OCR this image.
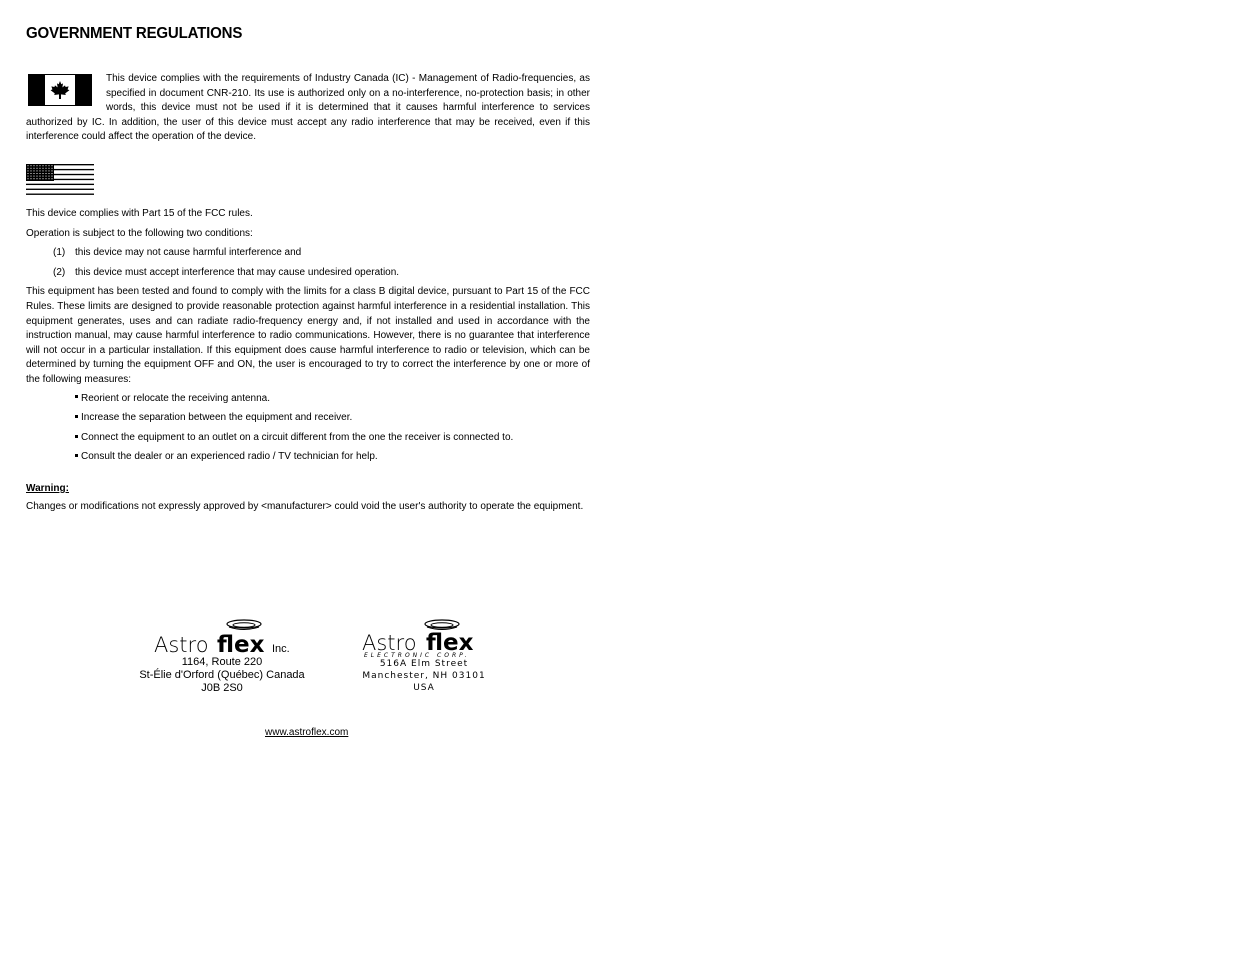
GOVERNMENT REGULATIONS

This device complies with the requirements of Industry Canada (IC) - Management of Radio-frequencies, as specified in document CNR-210. Its use is authorized only on a no-interference, no-protection basis; in other words, this device must not be used if it is determined that it causes harmful interference to services authorized by IC. In addition, the user of this device must accept any radio interference that may be received, even if this interference could affect the operation of the device.

This device complies with Part 15 of the FCC rules.

Operation is subject to the following two conditions:

(1) this device may not cause harmful interference and

(2) this device must accept interference that may cause undesired operation.

This equipment has been tested and found to comply with the limits for a class B digital device, pursuant to Part 15 of the FCC Rules. These limits are designed to provide reasonable protection against harmful interference in a residential installation. This equipment generates, uses and can radiate radio-frequency energy and, if not installed and used in accordance with the instruction manual, may cause harmful interference to radio communications. However, there is no guarantee that interference will not occur in a particular installation. If this equipment does cause harmful interference to radio or television, which can be determined by turning the equipment OFF and ON, the user is encouraged to try to correct the interference by one or more of the following measures:

Reorient or relocate the receiving antenna.
Increase the separation between the equipment and receiver.
Connect the equipment to an outlet on a circuit different from the one the receiver is connected to.
Consult the dealer or an experienced radio / TV technician for help.

Warning:

Changes or modifications not expressly approved by <manufacturer> could void the user's authority to operate the equipment.

Astro flex Inc.
1164, Route 220
St-Élie d'Orford (Québec) Canada
J0B 2S0
Astro flex
ELECTRONIC CORP.
516A Elm Street
Manchester, NH 03101
USA
www.astroflex.com
